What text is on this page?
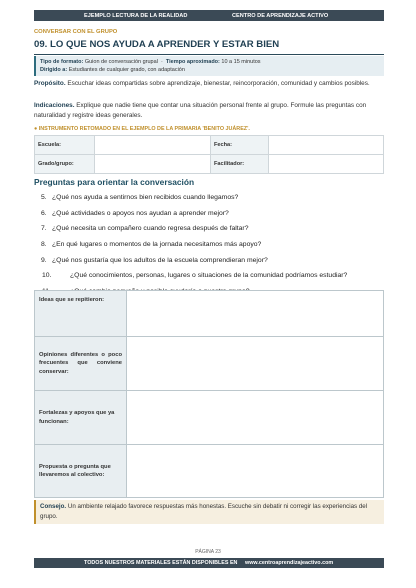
EJEMPLO LECTURA DE LA REALIDAD	CENTRO DE APRENDIZAJE ACTIVO
CONVERSAR CON EL GRUPO
09. LO QUE NOS AYUDA A APRENDER Y ESTAR BIEN
Tipo de formato: Guion de conversación grupal · Tiempo aproximado: 10 a 15 minutos
Dirigido a: Estudiantes de cualquier grado, con adaptación
Propósito. Escuchar ideas compartidas sobre aprendizaje, bienestar, reincorporación, comunidad y cambios posibles.
Indicaciones. Explique que nadie tiene que contar una situación personal frente al grupo. Formule las preguntas con naturalidad y registre ideas generales.
● INSTRUMENTO RETOMADO EN EL EJEMPLO DE LA PRIMARIA 'BENITO JUÁREZ'.
Escuela:		Fecha:	
Grado/grupo:		Facilitador:	
Preguntas para orientar la conversación
5. ¿Qué nos ayuda a sentirnos bien recibidos cuando llegamos?
6. ¿Qué actividades o apoyos nos ayudan a aprender mejor?
7. ¿Qué necesita un compañero cuando regresa después de faltar?
8. ¿En qué lugares o momentos de la jornada necesitamos más apoyo?
9. ¿Qué nos gustaría que los adultos de la escuela comprendieran mejor?
10.	¿Qué conocimientos, personas, lugares o situaciones de la comunidad podríamos estudiar?
Ideas que se repitieron:	
Opiniones diferentes o poco frecuentes que conviene conservar:	
Fortalezas y apoyos que ya funcionan:	
Propuesta o pregunta que llevaremos al colectivo:	
Consejo. Un ambiente relajado favorece respuestas más honestas. Escuche sin debatir ni corregir las experiencias del grupo.
PÁGINA 23
TODOS NUESTROS MATERIALES ESTÁN DISPONIBLES EN www.centroaprendizajeactivo.com
